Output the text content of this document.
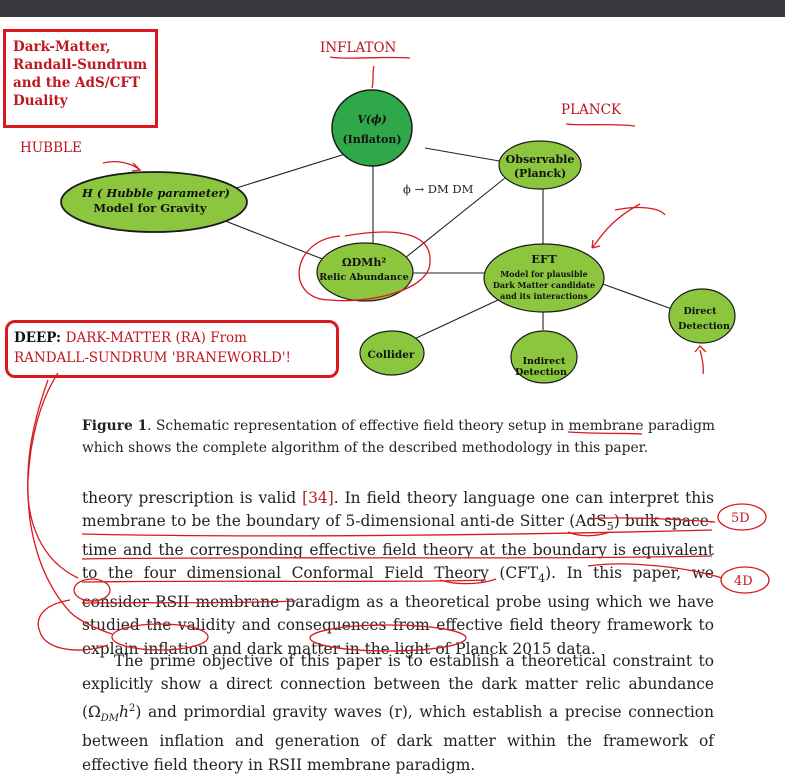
ϕ → DM DM
V(ϕ)
(Inflaton)
H ( Hubble parameter)
Model for Gravity
Observable
(Planck)
ΩDMh²
Relic Abundance
EFT
Model for plausible
Dark Matter candidate
and its interactions
Collider
Indirect
Detection
Direct
Detection
INFLATON
PLANCK
HUBBLE
Dark-Matter,
Randall-Sundrum
and the AdS/CFT
Duality
DEEP: DARK-MATTER (RA) From
RANDALL-SUNDRUM 'BRANEWORLD'!
Figure 1. Schematic representation of effective field theory setup in membrane paradigm which shows the complete algorithm of the described methodology in this paper.
theory prescription is valid [34]. In field theory language one can interpret this membrane to be the boundary of 5-dimensional anti-de Sitter (AdS$_5$) bulk space-time and the corresponding effective field theory at the boundary is equivalent to the four dimensional Conformal Field Theory $(CFT_4)$. In this paper, we consider RSII membrane paradigm as a theoretical probe using which we have studied the validity and consequences from effective field theory framework to explain inflation and dark matter in the light of Planck 2015 data.
The prime objective of this paper is to establish a theoretical constraint to explicitly show a direct connection between the dark matter relic abundance $(\Omega_{DM}h^2)$ and primordial gravity waves (r), which establish a precise connection between inflation and generation of dark matter within the framework of effective field theory in RSII membrane paradigm.
5D
4D
